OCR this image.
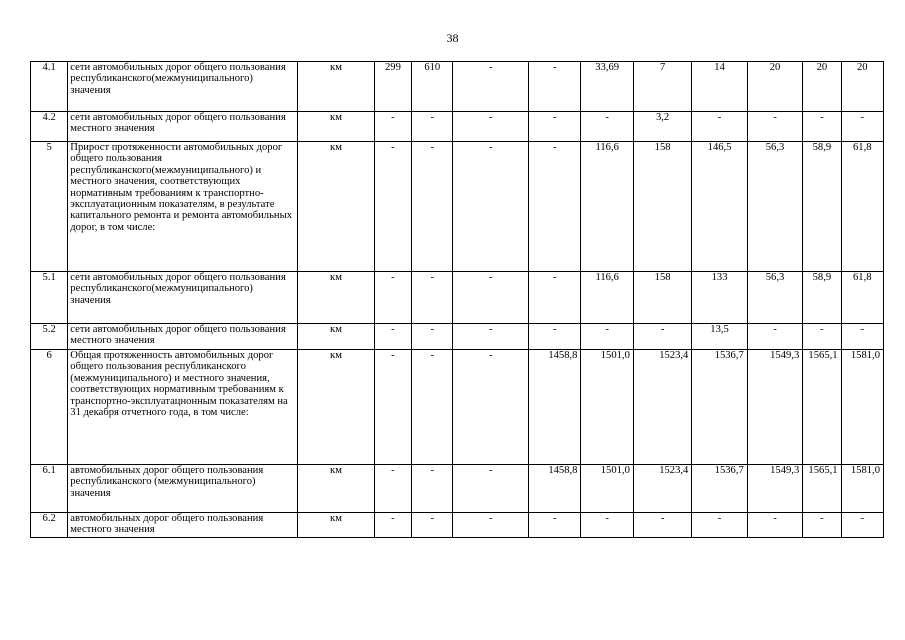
38
4.1	сети автомобильных дорог общего пользования республиканского(межмуниципального) значения	км	299	610	-	-	33,69	7	14	20	20	20
4.2	сети автомобильных дорог общего пользования местного значения	км	-	-	-	-	-	3,2	-	-	-	-
5	Прирост протяженности автомобильных дорог общего пользования республиканского(межмуниципального) и местного значения, соответствующих нормативным требованиям к транспортно-эксплуатационным показателям, в результате капитального ремонта и ремонта автомобильных дорог, в том числе:	км	-	-	-	-	116,6	158	146,5	56,3	58,9	61,8
5.1	сети автомобильных дорог общего пользования республиканского(межмуниципального) значения	км	-	-	-	-	116,6	158	133	56,3	58,9	61,8
5.2	сети автомобильных дорог общего пользования местного значения	км	-	-	-	-	-	-	13,5	-	-	-
6	Общая протяженность автомобильных дорог общего пользования республиканского (межмуниципального) и местного значения, соответствующих нормативным требованиям к транспортно-эксплуатацнонным показателям на 31 декабря отчетного года, в том числе:	км	-	-	-	1458,8	1501,0	1523,4	1536,7	1549,3	1565,1	1581,0
6.1	автомобильных дорог общего пользования республиканского (межмуниципального) значения	км	-	-	-	1458,8	1501,0	1523,4	1536,7	1549,3	1565,1	1581,0
6.2	автомобильных дорог общего пользования местного значения	км	-	-	-	-	-	-	-	-	-	-
